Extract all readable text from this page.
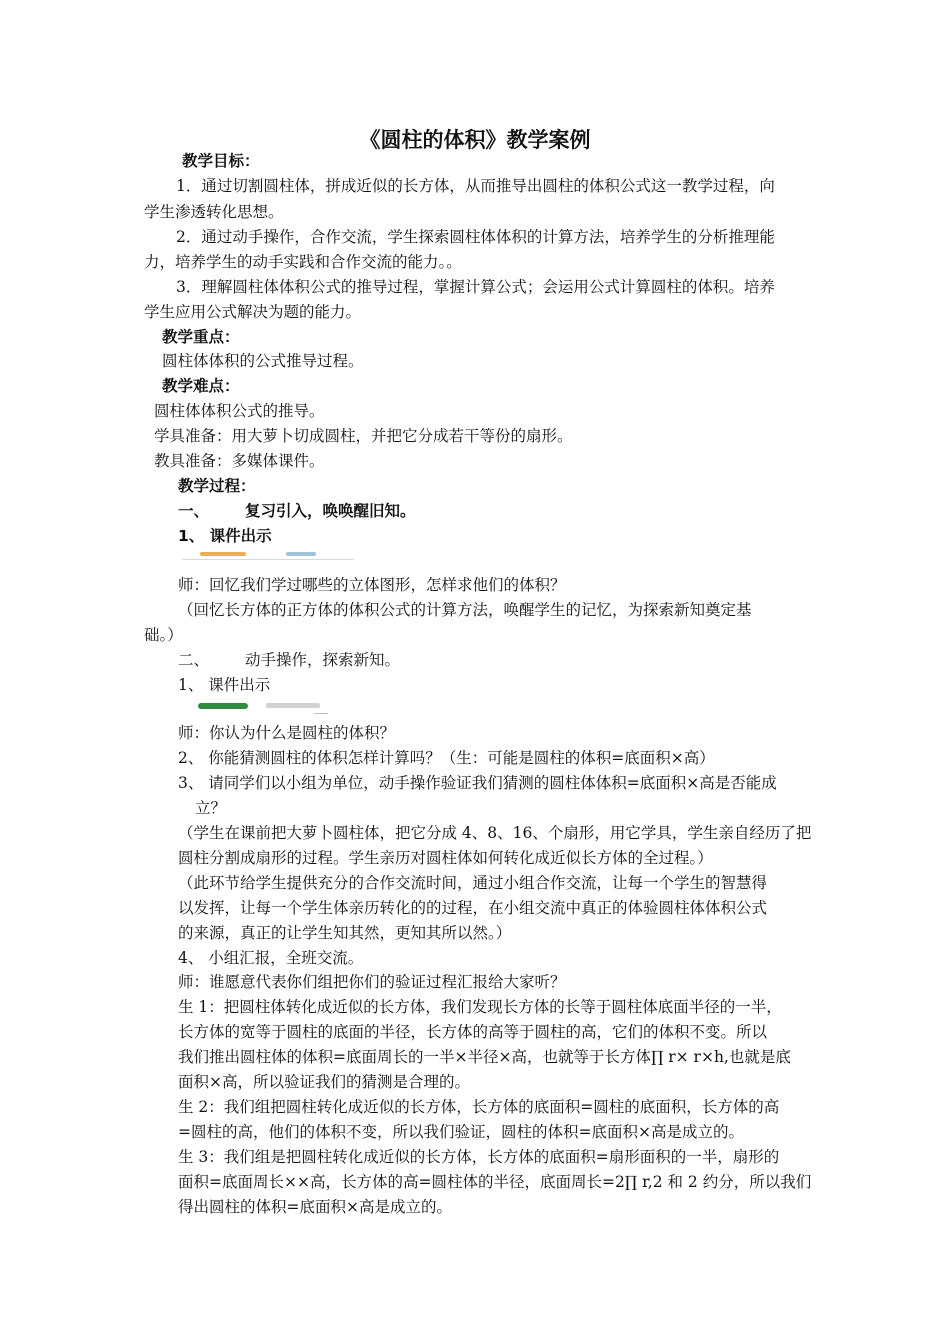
《圆柱的体积》教学案例
教学目标：
1．通过切割圆柱体，拼成近似的长方体，从而推导出圆柱的体积公式这一教学过程，向
学生渗透转化思想。
2．通过动手操作，合作交流，学生探索圆柱体体积的计算方法，培养学生的分析推理能
力，培养学生的动手实践和合作交流的能力。。
3．理解圆柱体体积公式的推导过程，掌握计算公式；会运用公式计算圆柱的体积。培养
学生应用公式解决为题的能力。
教学重点：
圆柱体体积的公式推导过程。
教学难点：
圆柱体体积公式的推导。
学具准备：用大萝卜切成圆柱，并把它分成若干等份的扇形。
教具准备：多媒体课件。
教学过程：
一、 复习引入，唤唤醒旧知。
1、 课件出示
师：回忆我们学过哪些的立体图形，怎样求他们的体积？
（回忆长方体的正方体的体积公式的计算方法，唤醒学生的记忆，为探索新知奠定基
础。）
二、 动手操作，探索新知。
1、 课件出示
师：你认为什么是圆柱的体积？
2、 你能猜测圆柱的体积怎样计算吗？（生：可能是圆柱的体积=底面积×高）
3、 请同学们以小组为单位，动手操作验证我们猜测的圆柱体体积=底面积×高是否能成
立？
（学生在课前把大萝卜圆柱体，把它分成 4、8、16、个扇形，用它学具，学生亲自经历了把
圆柱分割成扇形的过程。学生亲历对圆柱体如何转化成近似长方体的全过程。）
（此环节给学生提供充分的合作交流时间，通过小组合作交流，让每一个学生的智慧得
以发挥，让每一个学生体亲历转化的的过程，在小组交流中真正的体验圆柱体体积公式
的来源，真正的让学生知其然，更知其所以然。）
4、 小组汇报，全班交流。
师：谁愿意代表你们组把你们的验证过程汇报给大家听？
生 1：把圆柱体转化成近似的长方体，我们发现长方体的长等于圆柱体底面半径的一半，
长方体的宽等于圆柱的底面的半径，长方体的高等于圆柱的高，它们的体积不变。所以
我们推出圆柱体的体积=底面周长的一半×半径×高，也就等于长方体∏ r× r×h,也就是底
面积×高，所以验证我们的猜测是合理的。
生 2：我们组把圆柱转化成近似的长方体，长方体的底面积=圆柱的底面积，长方体的高
=圆柱的高，他们的体积不变，所以我们验证，圆柱的体积=底面积×高是成立的。
生 3：我们组是把圆柱转化成近似的长方体，长方体的底面积=扇形面积的一半，扇形的
面积=底面周长××高，长方体的高=圆柱体的半径，底面周长=2∏ r,2 和 2 约分，所以我们
得出圆柱的体积=底面积×高是成立的。
